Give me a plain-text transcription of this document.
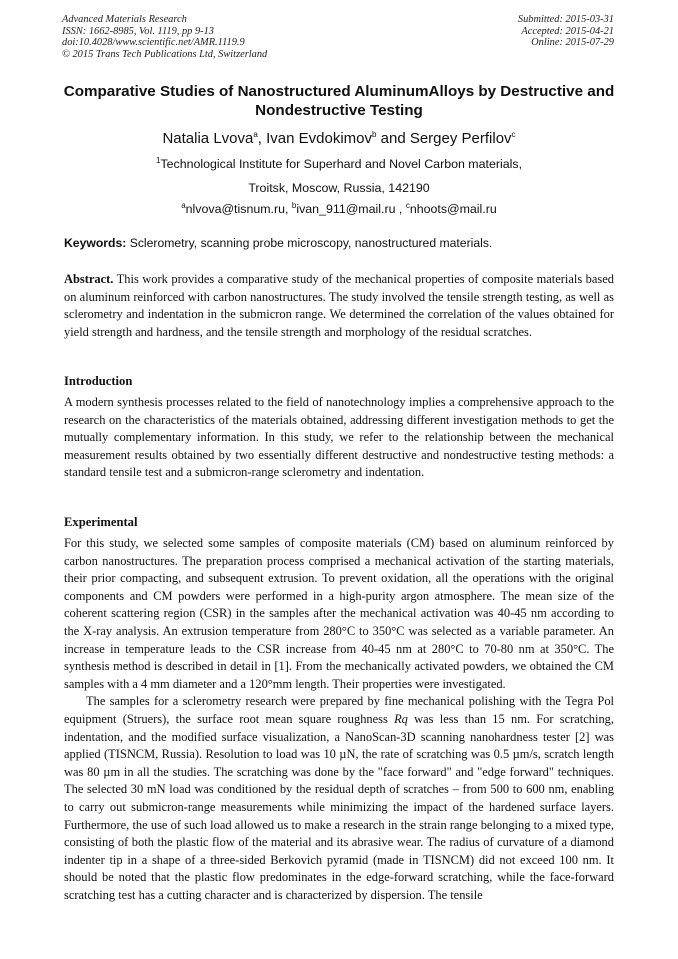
Advanced Materials Research
ISSN: 1662-8985, Vol. 1119, pp 9-13
doi:10.4028/www.scientific.net/AMR.1119.9
© 2015 Trans Tech Publications Ltd, Switzerland
Submitted: 2015-03-31
Accepted: 2015-04-21
Online: 2015-07-29
Comparative Studies of Nanostructured AluminumAlloys by Destructive and Nondestructive Testing
Natalia Lvova$^a$, Ivan Evdokimov$^b$ and Sergey Perfilov$^c$
$^1$Technological Institute for Superhard and Novel Carbon materials,
Troitsk, Moscow, Russia, 142190
$^a$nlvova@tisnum.ru, $^b$ivan_911@mail.ru , $^c$nhoots@mail.ru
Keywords: Sclerometry, scanning probe microscopy, nanostructured materials.
Abstract. This work provides a comparative study of the mechanical properties of composite materials based on aluminum reinforced with carbon nanostructures. The study involved the tensile strength testing, as well as sclerometry and indentation in the submicron range. We determined the correlation of the values obtained for yield strength and hardness, and the tensile strength and morphology of the residual scratches.
Introduction
A modern synthesis processes related to the field of nanotechnology implies a comprehensive approach to the research on the characteristics of the materials obtained, addressing different investigation methods to get the mutually complementary information. In this study, we refer to the relationship between the mechanical measurement results obtained by two essentially different destructive and nondestructive testing methods: a standard tensile test and a submicron-range sclerometry and indentation.
Experimental

For this study, we selected some samples of composite materials (CM) based on aluminum reinforced by carbon nanostructures. The preparation process comprised a mechanical activation of the starting materials, their prior compacting, and subsequent extrusion. To prevent oxidation, all the operations with the original components and CM powders were performed in a high-purity argon atmosphere. The mean size of the coherent scattering region (CSR) in the samples after the mechanical activation was 40-45 nm according to the X-ray analysis. An extrusion temperature from 280°C to 350°C was selected as a variable parameter. An increase in temperature leads to the CSR increase from 40-45 nm at 280°C to 70-80 nm at 350°C. The synthesis method is described in detail in [1]. From the mechanically activated powders, we obtained the CM samples with a 4 mm diameter and a 120°mm length. Their properties were investigated.

The samples for a sclerometry research were prepared by fine mechanical polishing with the Tegra Pol equipment (Struers), the surface root mean square roughness Rq was less than 15 nm. For scratching, indentation, and the modified surface visualization, a NanoScan-3D scanning nanohardness tester [2] was applied (TISNCM, Russia). Resolution to load was 10 µN, the rate of scratching was 0.5 µm/s, scratch length was 80 µm in all the studies. The scratching was done by the "face forward" and "edge forward" techniques. The selected 30 mN load was conditioned by the residual depth of scratches – from 500 to 600 nm, enabling to carry out submicron-range measurements while minimizing the impact of the hardened surface layers. Furthermore, the use of such load allowed us to make a research in the strain range belonging to a mixed type, consisting of both the plastic flow of the material and its abrasive wear. The radius of curvature of a diamond indenter tip in a shape of a three-sided Berkovich pyramid (made in TISNCM) did not exceed 100 nm. It should be noted that the plastic flow predominates in the edge-forward scratching, while the face-forward scratching test has a cutting character and is characterized by dispersion. The tensile
